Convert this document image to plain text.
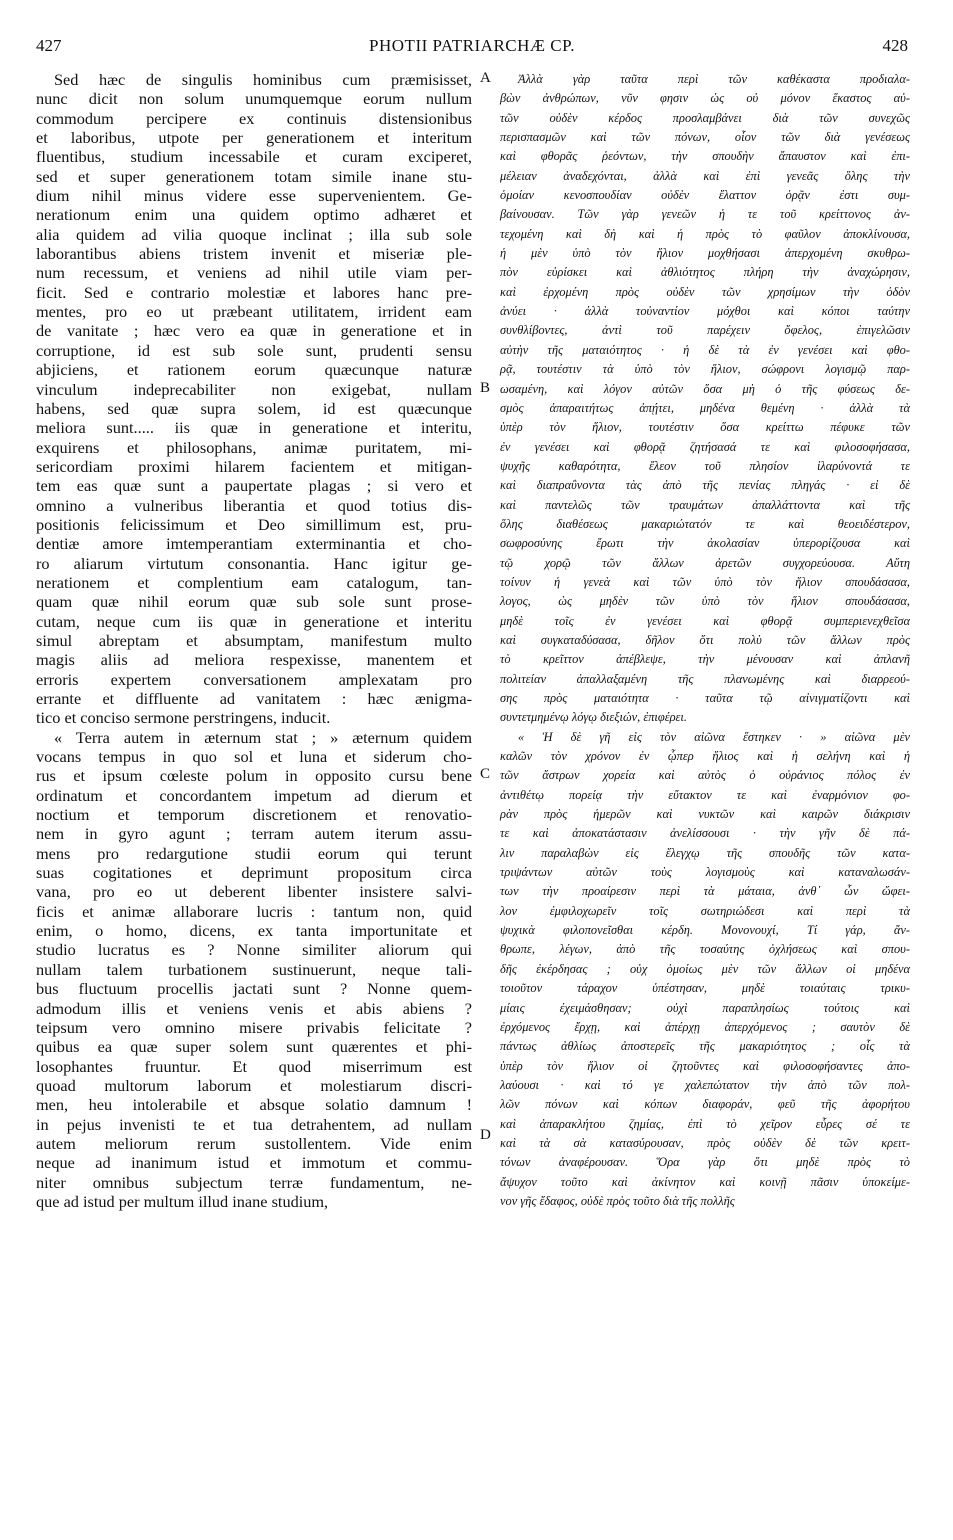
427	PHOTII PATRIARCHÆ CP.	428
Sed hæc de singulis hominibus cum præmisisset,
nunc dicit non solum unumquemque eorum nullum
commodum percipere ex continuis distensionibus
et laboribus, utpote per generationem et interitum
fluentibus, studium incessabile et curam exciperet,
sed et super generationem totam simile inane stu-
dium nihil minus videre esse supervenientem. Ge-
nerationum enim una quidem optimo adhæret et
alia quidem ad vilia quoque inclinat ; illa sub sole
laborantibus abiens tristem invenit et miseriæ ple-
num recessum, et veniens ad nihil utile viam per-
ficit. Sed e contrario molestiæ et labores hanc pre-
mentes, pro eo ut præbeant utilitatem, irrident eam
de vanitate ; hæc vero ea quæ in generatione et in
corruptione, id est sub sole sunt, prudenti sensu
abjiciens, et rationem eorum quæcunque naturæ
vinculum indeprecabiliter non exigebat, nullam
habens, sed quæ supra solem, id est quæcunque
meliora sunt..... iis quæ in generatione et interitu,
exquirens et philosophans, animæ puritatem, mi-
sericordiam proximi hilarem facientem et mitigan-
tem eas quæ sunt a paupertate plagas ; si vero et
omnino a vulneribus liberantia et quod totius dis-
positionis felicissimum et Deo simillimum est, pru-
dentiæ amore imtemperantiam exterminantia et cho-
ro aliarum virtutum consonantia. Hanc igitur ge-
nerationem et complentium eam catalogum, tan-
quam quæ nihil eorum quæ sub sole sunt prose-
cutam, neque cum iis quæ in generatione et interitu
simul abreptam et absumptam, manifestum multo
magis aliis ad meliora respexisse, manentem et
erroris expertem conversationem amplexatam pro
errante et diffluente ad vanitatem : hæc ænigma-
tico et conciso sermone perstringens, inducit.
« Terra autem in æternum stat ; » æternum quidem
vocans tempus in quo sol et luna et siderum cho-
rus et ipsum cœleste polum in opposito cursu bene
ordinatum et concordantem impetum ad dierum et
noctium et temporum discretionem et renovatio-
nem in gyro agunt ; terram autem iterum assu-
mens pro redargutione studii eorum qui terunt
suas cogitationes et deprimunt propositum circa
vana, pro eo ut deberent libenter insistere salvi-
ficis et animæ allaborare lucris : tantum non, quid
enim, o homo, dicens, ex tanta importunitate et
studio lucratus es ? Nonne similiter aliorum qui
nullam talem turbationem sustinuerunt, neque tali-
bus fluctuum procellis jactati sunt ? Nonne quem-
admodum illis et veniens venis et abis abiens ?
teipsum vero omnino misere privabis felicitate ?
quibus ea quæ super solem sunt quærentes et phi-
losophantes fruuntur. Et quod miserrimum est
quoad multorum laborum et molestiarum discri-
men, heu intolerabile et absque solatio damnum !
in pejus invenisti te et tua detrahentem, ad nullam
autem meliorum rerum sustollentem. Vide enim
neque ad inanimum istud et immotum et commu-
niter omnibus subjectum terræ fundamentum, ne-
que ad istud per multum illud inane studium,
Ἀλλὰ γὰρ ταῦτα περὶ τῶν καθέκαστα προδιαλα-
βὼν ἀνθρώπων, νῦν φησιν ὡς οὐ μόνον ἕκαστος αὐ-
τῶν οὐδὲν κέρδος προσλαμβάνει διὰ τῶν συνεχῶς
περισπασμῶν καὶ τῶν πόνων, οἷον τῶν διὰ γενέσεως
καὶ φθορᾶς ῥεόντων, τὴν σπουδὴν ἄπαυστον καὶ ἐπι-
μέλειαν ἀναδεχόνται, ἀλλὰ καὶ ἐπὶ γενεᾶς ὅλης τὴν
ὁμοίαν κενοσπουδίαν οὐδὲν ἔλαττον ὁρᾷν ἐστι συμ-
βαίνουσαν. Τῶν γὰρ γενεῶν ἡ τε τοῦ κρείττονος ἀν-
τεχομένη καὶ δὴ καὶ ἡ πρὸς τὸ φαῦλον ἀποκλίνουσα,
ἡ μὲν ὑπὸ τὸν ἥλιον μοχθήσασι ἀπερχομένη σκυθρω-
πὸν εὑρίσκει καὶ ἀθλιότητος πλήρη τὴν ἀναχώρησιν,
καὶ ἐρχομένη πρὸς οὐδὲν τῶν χρησίμων τὴν ὁδὸν
ἀνύει · ἀλλὰ τοὐναντίον μόχθοι καὶ κόποι ταύτην
συνθλίβοντες, ἀντὶ τοῦ παρέχειν ὄφελος, ἐπιγελῶσιν
αὐτὴν τῆς ματαιότητος · ἡ δὲ τὰ ἐν γενέσει καὶ φθο-
ρᾷ, τουτέστιν τὰ ὑπὸ τὸν ἥλιον, σώφρονι λογισμῷ παρ-
ωσαμένη, καὶ λόγον αὐτῶν ὅσα μὴ ὁ τῆς φύσεως δε-
σμὸς ἀπαραιτήτως ἀπῄτει, μηδένα θεμένη · ἀλλὰ τὰ
ὑπὲρ τὸν ἥλιον, τουτέστιν ὅσα κρείττω πέφυκε τῶν
ἐν γενέσει καὶ φθορᾷ ζητήσασά τε καὶ φιλοσοφήσασα,
ψυχῆς καθαρότητα, ἔλεον τοῦ πλησίον ἱλαρύνοντά τε
καὶ διαπραΰνοντα τὰς ἀπὸ τῆς πενίας πληγάς · εἰ δὲ
καὶ παντελῶς τῶν τραυμάτων ἀπαλλάττοντα καὶ τῆς
ὅλης διαθέσεως μακαριώτατόν τε καὶ θεοειδέστερον,
σωφροσύνης ἔρωτι τὴν ἀκολασίαν ὑπερορίζουσα καὶ
τῷ χορῷ τῶν ἄλλων ἀρετῶν συγχορεύουσα. Αὕτη
τοίνυν ἡ γενεὰ καὶ τῶν ὑπὸ τὸν ἥλιον σπουδάσασα,
λογος, ὡς μηδὲν τῶν ὑπὸ τὸν ἥλιον σπουδάσασα,
μηδὲ τοῖς ἐν γενέσει καὶ φθορᾷ συμπεριενεχθεῖσα
καὶ συγκαταδύσασα, δῆλον ὅτι πολὺ τῶν ἄλλων πρὸς
τὸ κρεῖττον ἀπέβλεψε, τὴν μένουσαν καὶ ἀπλανῆ
πολιτείαν ἀπαλλαξαμένη τῆς πλανωμένης καὶ διαρρεού-
σης πρὸς ματαιότητα · ταῦτα τῷ αἰνιγματίζοντι καὶ
συντετμημένῳ λόγῳ διεξιών, ἐπιφέρει.
« Ἡ δὲ γῆ εἰς τὸν αἰῶνα ἕστηκεν · » αἰῶνα μὲν
καλῶν τὸν χρόνον ἐν ᾧπερ ἥλιος καὶ ἡ σελήνη καὶ ἡ
τῶν ἄστρων χορεία καὶ αὐτὸς ὁ οὐράνιος πόλος ἐν
ἀντιθέτῳ πορείᾳ τὴν εὔτακτον τε καὶ ἐναρμόνιον φο-
ρὰν πρὸς ἡμερῶν καὶ νυκτῶν καὶ καιρῶν διάκρισιν
τε καὶ ἀποκατάστασιν ἀνελίσσουσι · τὴν γῆν δὲ πά-
λιν παραλαβὼν εἰς ἔλεγχῳ τῆς σπουδῆς τῶν κατα-
τριψάντων αὐτῶν τοὺς λογισμοὺς καὶ καταναλωσάν-
των τὴν προαίρεσιν περὶ τὰ μάταια, ἀνθ᾽ ὧν ὤφει-
λον ἐμφιλοχωρεῖν τοῖς σωτηριώδεσι καὶ περὶ τὰ
ψυχικὰ φιλοπονεῖσθαι κέρδη. Μονονουχί, Τί γάρ, ἄν-
θρωπε, λέγων, ἀπὸ τῆς τοσαύτης ὀχλήσεως καὶ σπου-
δῆς ἐκέρδησας ; οὐχ ὁμοίως μὲν τῶν ἄλλων οἱ μηδένα
τοιοῦτον τάραχον ὑπέστησαν, μηδὲ τοιαύταις τρικυ-
μίαις ἐχειμάσθησαν; οὐχὶ παραπλησίως τούτοις καὶ
ἐρχόμενος ἔρχῃ, καὶ ἀπέρχῃ ἀπερχόμενος ; σαυτὸν δὲ
πάντως ἀθλίως ἀποστερεῖς τῆς μακαριότητος ; οἷς τὰ
ὑπὲρ τὸν ἥλιον οἱ ζητοῦντες καὶ φιλοσοφήσαντες ἀπο-
λαύουσι · καὶ τό γε χαλεπώτατον τὴν ἀπὸ τῶν πολ-
λῶν πόνων καὶ κόπων διαφοράν, φεῦ τῆς ἀφορήτου
καὶ ἀπαρακλήτου ζημίας, ἐπὶ τὸ χεῖρον εὗρες σέ τε
καὶ τὰ σὰ κατασύρουσαν, πρὸς οὐδὲν δὲ τῶν κρειτ-
τόνων ἀναφέρουσαν. Ὅρα γὰρ ὅτι μηδὲ πρὸς τὸ
ἄψυχον τοῦτο καὶ ἀκίνητον καὶ κοινῇ πᾶσιν ὑποκείμε-
νον γῆς ἔδαφος, οὐδὲ πρὸς τοῦτο διὰ τῆς πολλῆς
A
B
C
D
